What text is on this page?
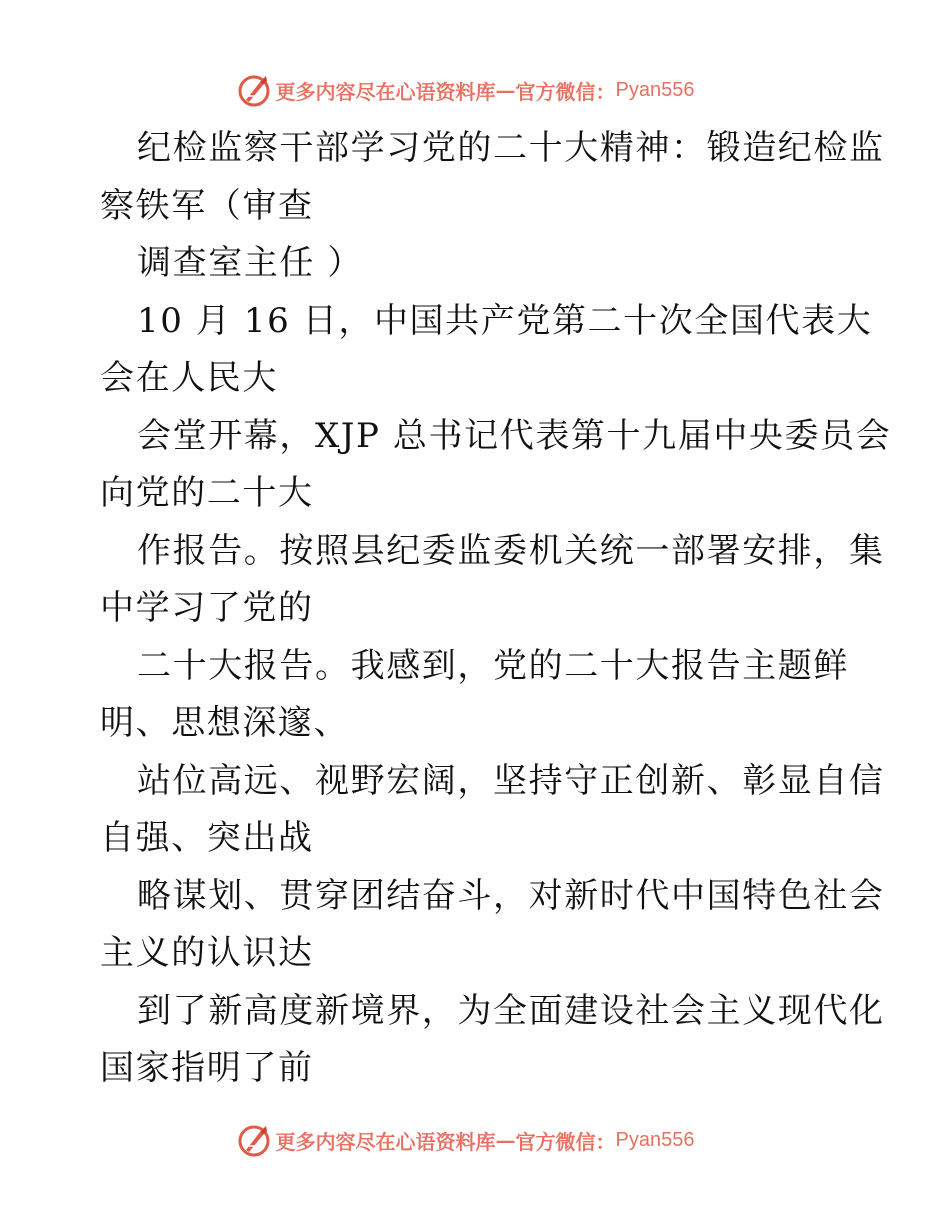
更多内容尽在心语资料库 — 官方微信： Pyan556
纪检监察干部学习党的二十大精神：锻造纪检监
察铁军（审查
调查室主任 ）
10 月 16 日，中国共产党第二十次全国代表大
会在人民大
会堂开幕，XJP 总书记代表第十九届中央委员会
向党的二十大
作报告。按照县纪委监委机关统一部署安排，集
中学习了党的
二十大报告。我感到，党的二十大报告主题鲜
明、思想深邃、
站位高远、视野宏阔，坚持守正创新、彰显自信
自强、突出战
略谋划、贯穿团结奋斗，对新时代中国特色社会
主义的认识达
到了新高度新境界，为全面建设社会主义现代化
国家指明了前
更多内容尽在心语资料库 — 官方微信： Pyan556
